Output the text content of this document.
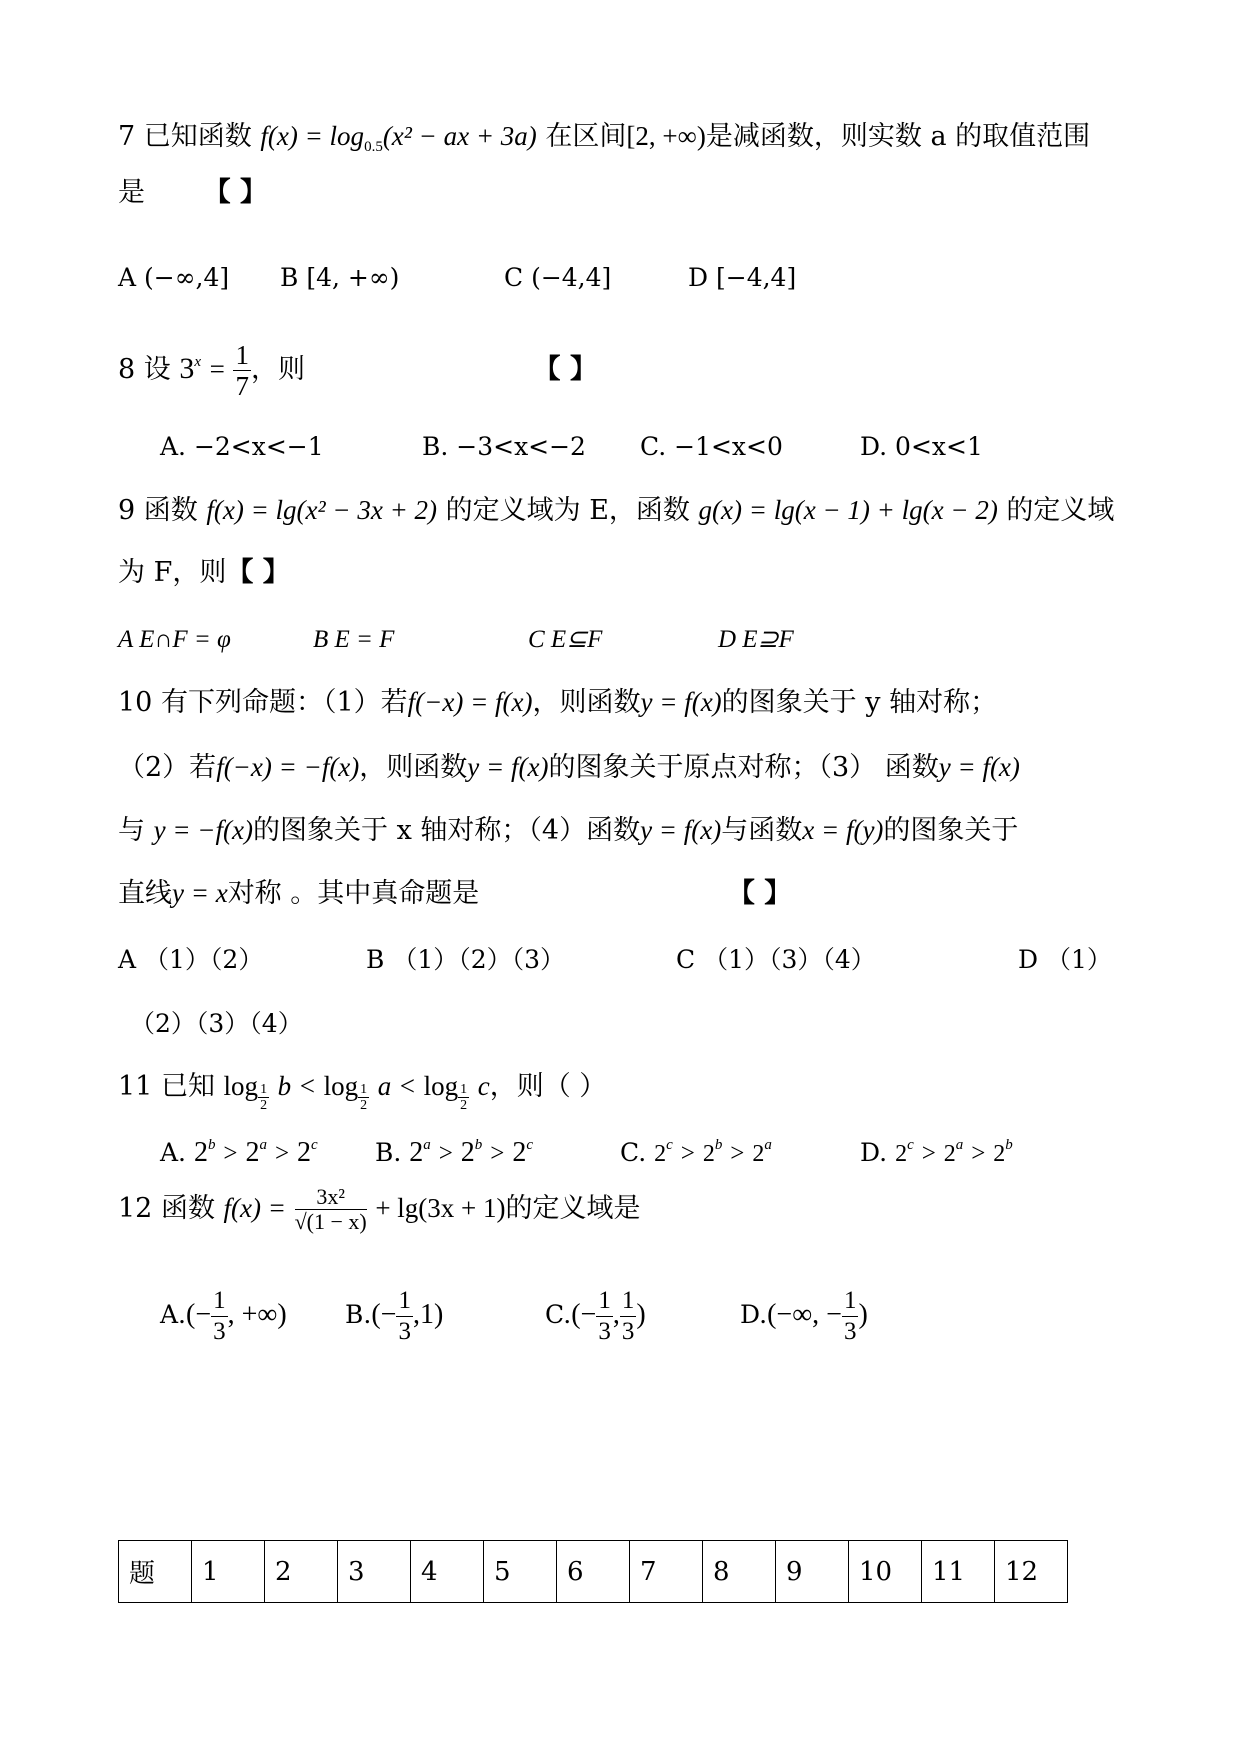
7 已知函数 $f(x) = \log_{0.5}(x^2$ − ax + 3a) 在区间[2, +∞)是减函数，则实数 a 的取值范围
是 【 】
A (−∞,4] B [4, +∞)	C (−4,4]	D [−4,4]
8 设 $3^x = \frac{1}{7}$ ，则	【 】
A. −2<x<−1	B. −3<x<−2 C. −1<x<0	D. 0<x<1
9 函数 f(x) = lg(x² − 3x + 2) 的定义域为 E，函数 g(x) = lg(x − 1) + lg(x − 2) 的定义域
为 F，则【 】
A E∩F = φ	B E = F	C E⊆F	D E⊇F
10 有下列命题：（1）若f(−x) = f(x)，则函数y = f(x)的图象关于 y 轴对称；
（2）若f(−x) = −f(x)，则函数y = f(x)的图象关于原点对称；（3） 函数y = f(x)
与 y = −f(x)的图象关于 x 轴对称；（4）函数y = f(x)与函数x = f(y)的图象关于
直线y = x对称 。其中真命题是	【 】
A （1）（2）	B （1）（2）（3）	C （1）（3）（4）	D （1）
（2）（3）（4）
11 已知 $\log \frac{1}{2}$ $b < \log \frac{1}{2}$ $a < \log \frac{1}{2}$ c，则（ ）
A. $2^b > 2^a > 2^c$ B. $2^a > 2^b > 2^c$	C. $2^c > 2^b > 2^a$	D. $2^c > 2^a > 2^b$
12 函数 $f(x) = \frac{\text{3x²}}{√(1 - x)} + \lg(3x + 1)$的定义域是
$A.(- \frac{1}{3}$ , +∞) $B.(- \frac{1}{3} ,1)$	$C.(- \frac{1}{3}$ , $\frac{1}{3}$ )	D.(−∞, − $\frac{1}{3}$ )
题	1	2	3	4	5	6	7	8	9	10	11	12
